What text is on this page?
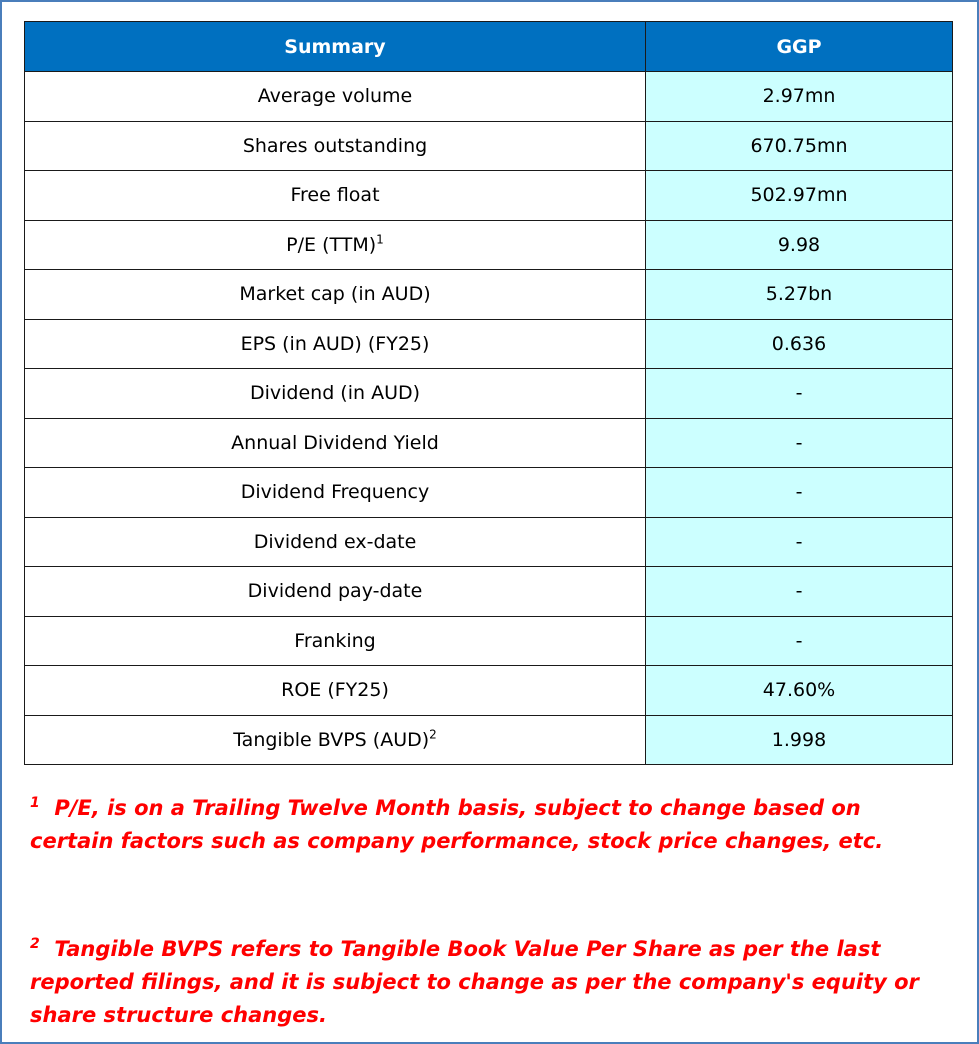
Summary	GGP
Average volume	2.97mn
Shares outstanding	670.75mn
Free float	502.97mn
P/E (TTM)$^1$	9.98
Market cap (in AUD)	5.27bn
EPS (in AUD) (FY25)	0.636
Dividend (in AUD)	-
Annual Dividend Yield	-
Dividend Frequency	-
Dividend ex-date	-
Dividend pay-date	-
Franking	-
ROE (FY25)	47.60%
Tangible BVPS (AUD)$^2$	1.998
$^1$ P/E, is on a Trailing Twelve Month basis, subject to change based on certain factors such as company performance, stock price changes, etc.
$^2$ Tangible BVPS refers to Tangible Book Value Per Share as per the last reported filings, and it is subject to change as per the company's equity or share structure changes.
